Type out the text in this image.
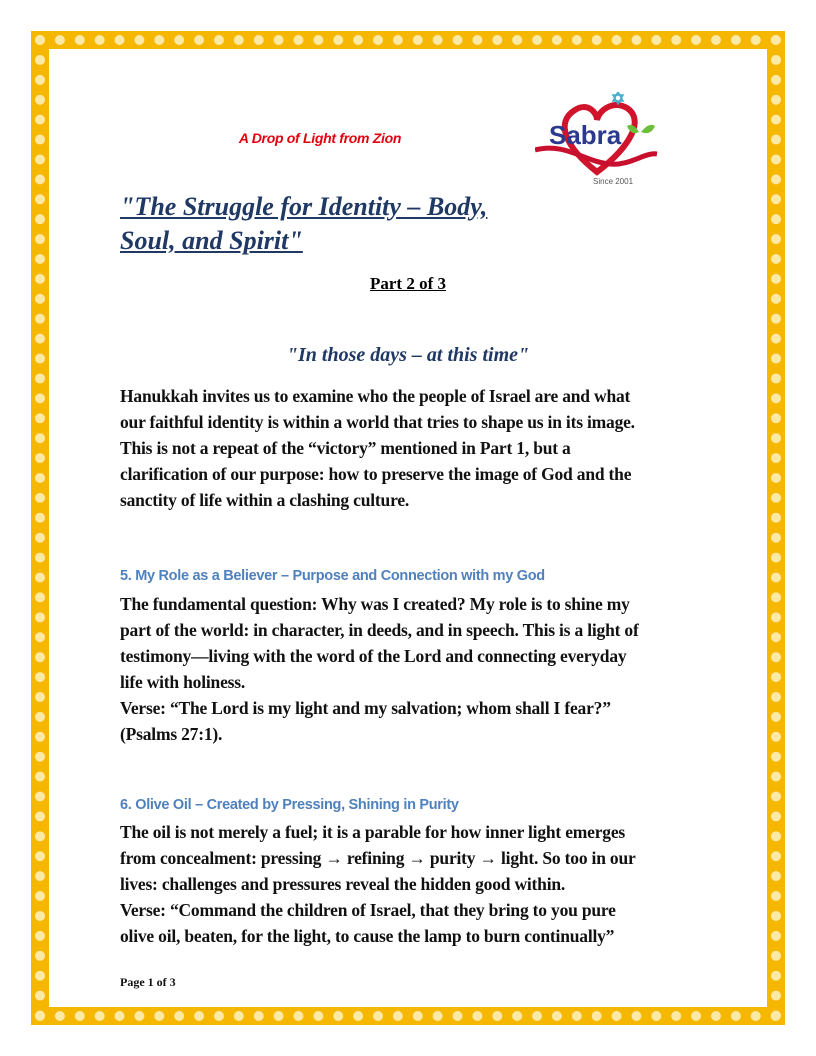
A Drop of Light from Zion	Sabra
Since 2001
"The Struggle for Identity – Body,
Soul, and Spirit"
Part 2 of 3
"In those days – at this time"
Hanukkah invites us to examine who the people of Israel are and what
our faithful identity is within a world that tries to shape us in its image.
This is not a repeat of the “victory” mentioned in Part 1, but a
clarification of our purpose: how to preserve the image of God and the
sanctity of life within a clashing culture.
5. My Role as a Believer – Purpose and Connection with my God
The fundamental question: Why was I created? My role is to shine my
part of the world: in character, in deeds, and in speech. This is a light of
testimony—living with the word of the Lord and connecting everyday
life with holiness.
Verse: “The Lord is my light and my salvation; whom shall I fear?”
(Psalms 27:1).
6. Olive Oil – Created by Pressing, Shining in Purity
The oil is not merely a fuel; it is a parable for how inner light emerges
from concealment: pressing → refining → purity → light. So too in our
lives: challenges and pressures reveal the hidden good within.
Verse: “Command the children of Israel, that they bring to you pure
olive oil, beaten, for the light, to cause the lamp to burn continually”
Page 1 of 3
